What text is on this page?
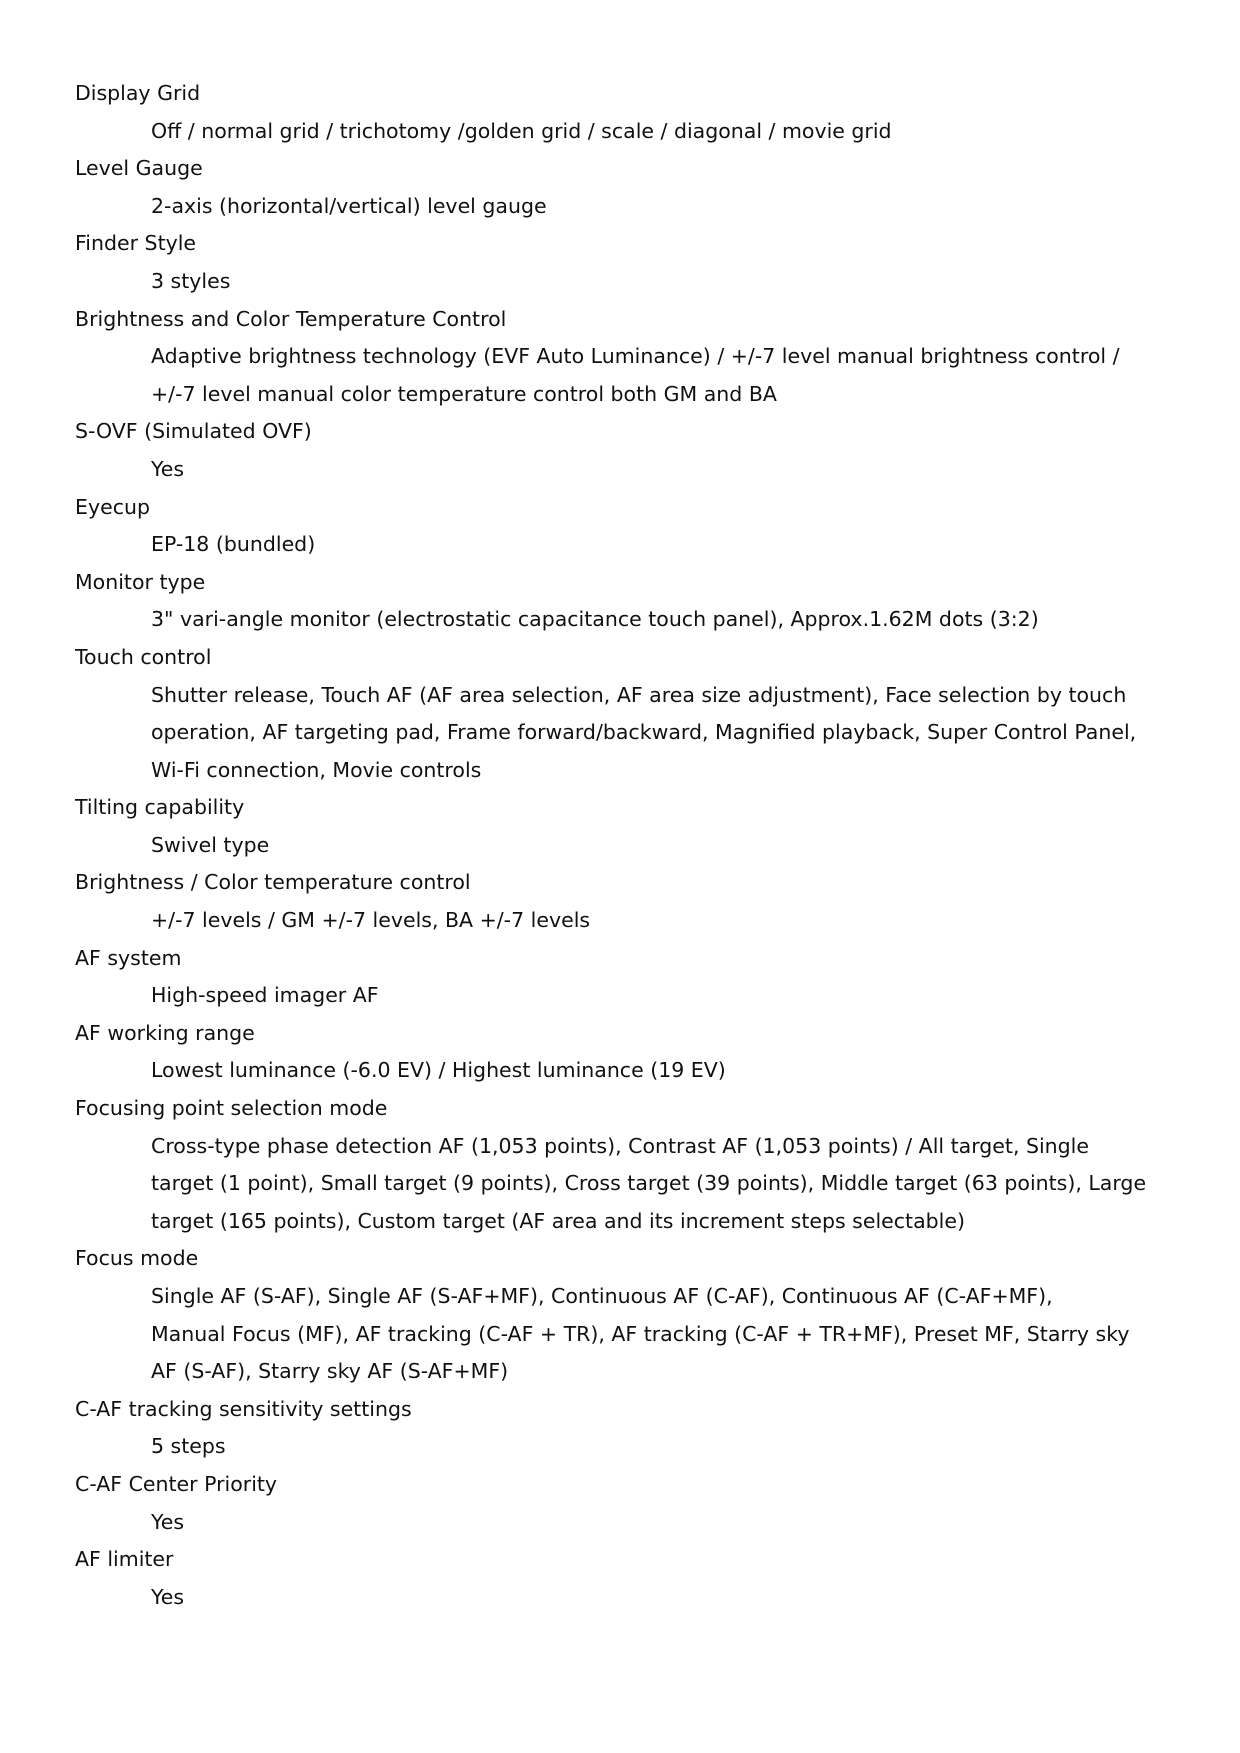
Display Grid
Off / normal grid / trichotomy /golden grid / scale / diagonal / movie grid
Level Gauge
2-axis (horizontal/vertical) level gauge
Finder Style
3 styles
Brightness and Color Temperature Control
Adaptive brightness technology (EVF Auto Luminance) / +/-7 level manual brightness control /
+/-7 level manual color temperature control both GM and BA
S-OVF (Simulated OVF)
Yes
Eyecup
EP-18 (bundled)
Monitor type
3" vari-angle monitor (electrostatic capacitance touch panel), Approx.1.62M dots (3:2)
Touch control
Shutter release, Touch AF (AF area selection, AF area size adjustment), Face selection by touch
operation, AF targeting pad, Frame forward/backward, Magnified playback, Super Control Panel,
Wi-Fi connection, Movie controls
Tilting capability
Swivel type
Brightness / Color temperature control
+/-7 levels / GM +/-7 levels, BA +/-7 levels
AF system
High-speed imager AF
AF working range
Lowest luminance (-6.0 EV) / Highest luminance (19 EV)
Focusing point selection mode
Cross-type phase detection AF (1,053 points), Contrast AF (1,053 points) / All target, Single
target (1 point), Small target (9 points), Cross target (39 points), Middle target (63 points), Large
target (165 points), Custom target (AF area and its increment steps selectable)
Focus mode
Single AF (S-AF), Single AF (S-AF+MF), Continuous AF (C-AF), Continuous AF (C-AF+MF),
Manual Focus (MF), AF tracking (C-AF + TR), AF tracking (C-AF + TR+MF), Preset MF, Starry sky
AF (S-AF), Starry sky AF (S-AF+MF)
C-AF tracking sensitivity settings
5 steps
C-AF Center Priority
Yes
AF limiter
Yes
